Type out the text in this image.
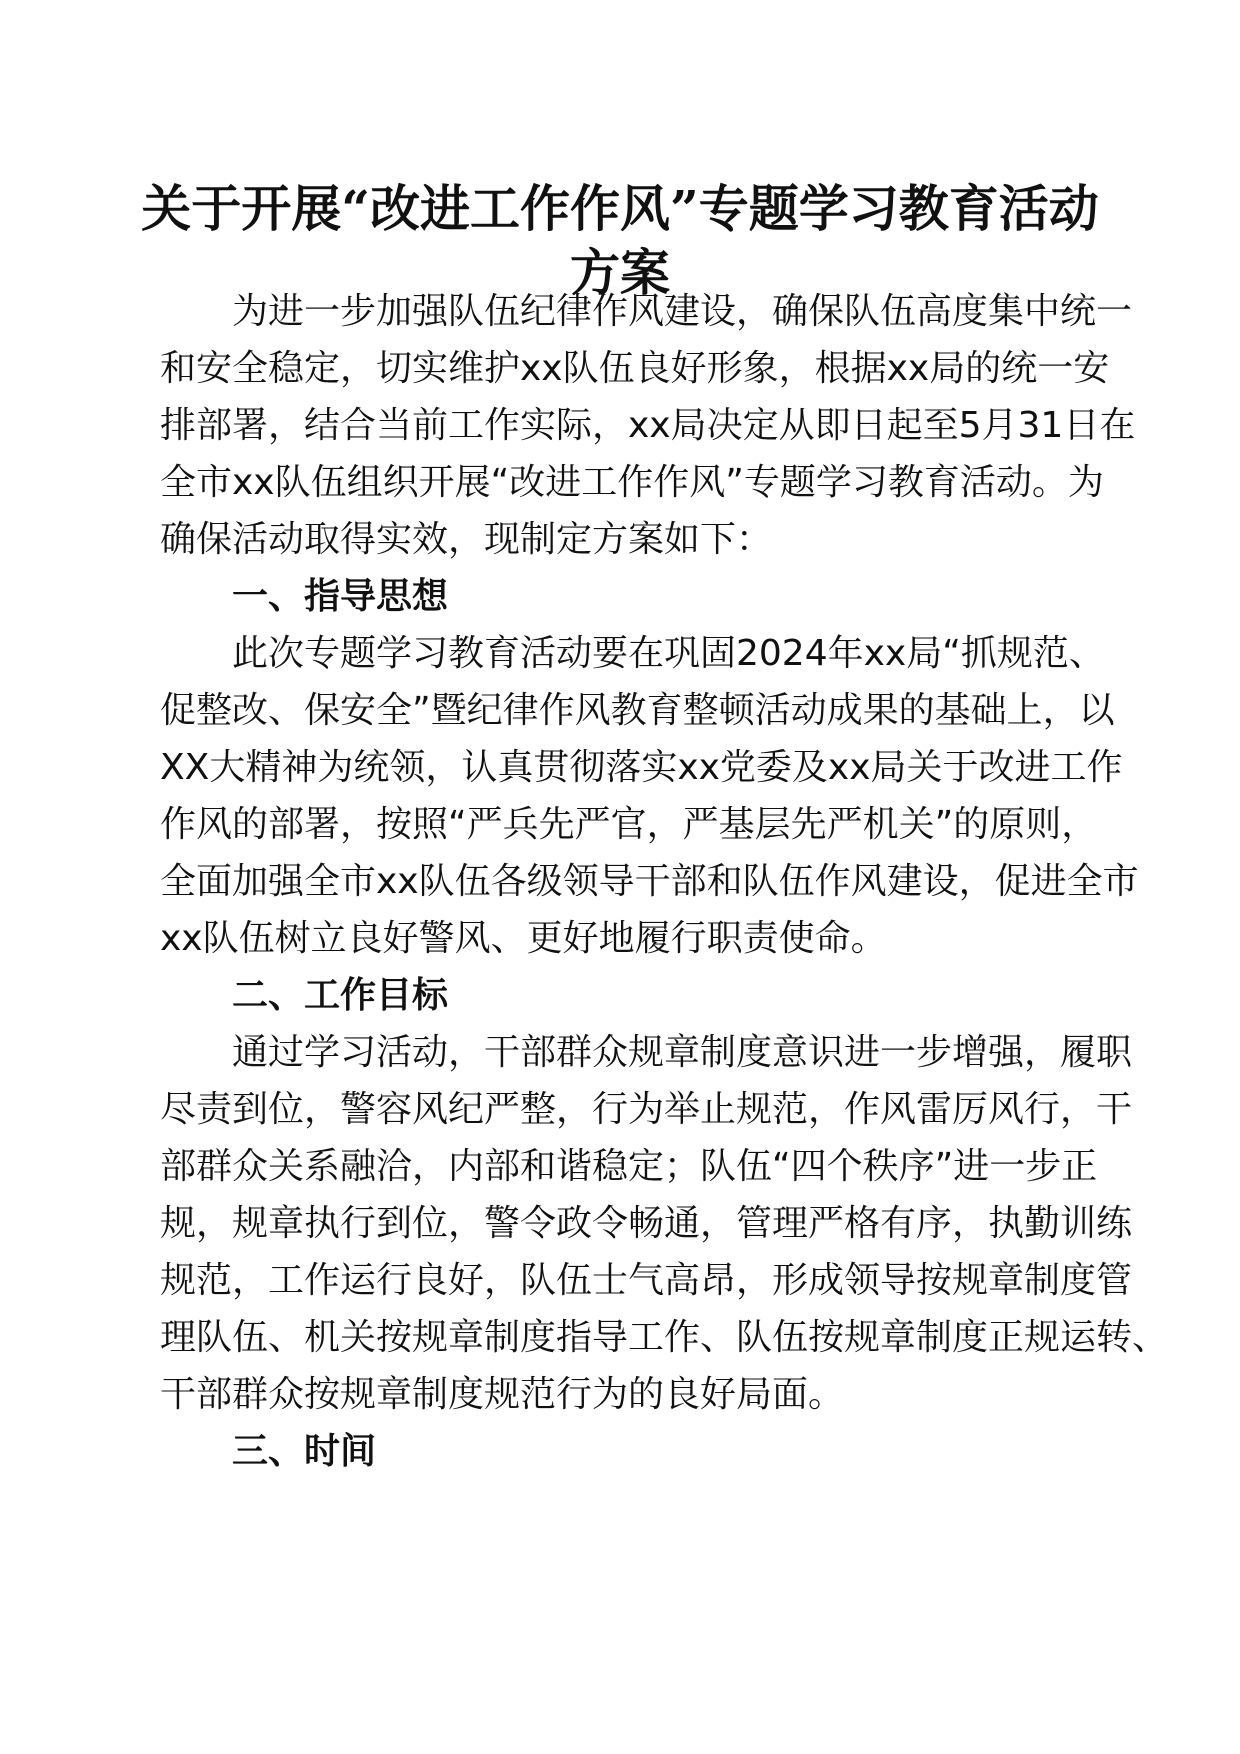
关于开展“改进工作作风”专题学习教育活动
方案

为进一步加强队伍纪律作风建设，确保队伍高度集中统一

和安全稳定，切实维护xx队伍良好形象，根据xx局的统一安

排部署，结合当前工作实际，xx局决定从即日起至5月31日在

全市xx队伍组织开展“改进工作作风”专题学习教育活动。为

确保活动取得实效，现制定方案如下：

一、指导思想

此次专题学习教育活动要在巩固2024年xx局“抓规范、

促整改、保安全”暨纪律作风教育整顿活动成果的基础上，以

XX大精神为统领，认真贯彻落实xx党委及xx局关于改进工作

作风的部署，按照“严兵先严官，严基层先严机关”的原则，

全面加强全市xx队伍各级领导干部和队伍作风建设，促进全市

xx队伍树立良好警风、更好地履行职责使命。

二、工作目标

通过学习活动，干部群众规章制度意识进一步增强，履职

尽责到位，警容风纪严整，行为举止规范，作风雷厉风行，干

部群众关系融洽，内部和谐稳定；队伍“四个秩序”进一步正

规，规章执行到位，警令政令畅通，管理严格有序，执勤训练

规范，工作运行良好，队伍士气高昂，形成领导按规章制度管

理队伍、机关按规章制度指导工作、队伍按规章制度正规运转、

干部群众按规章制度规范行为的良好局面。

三、时间
